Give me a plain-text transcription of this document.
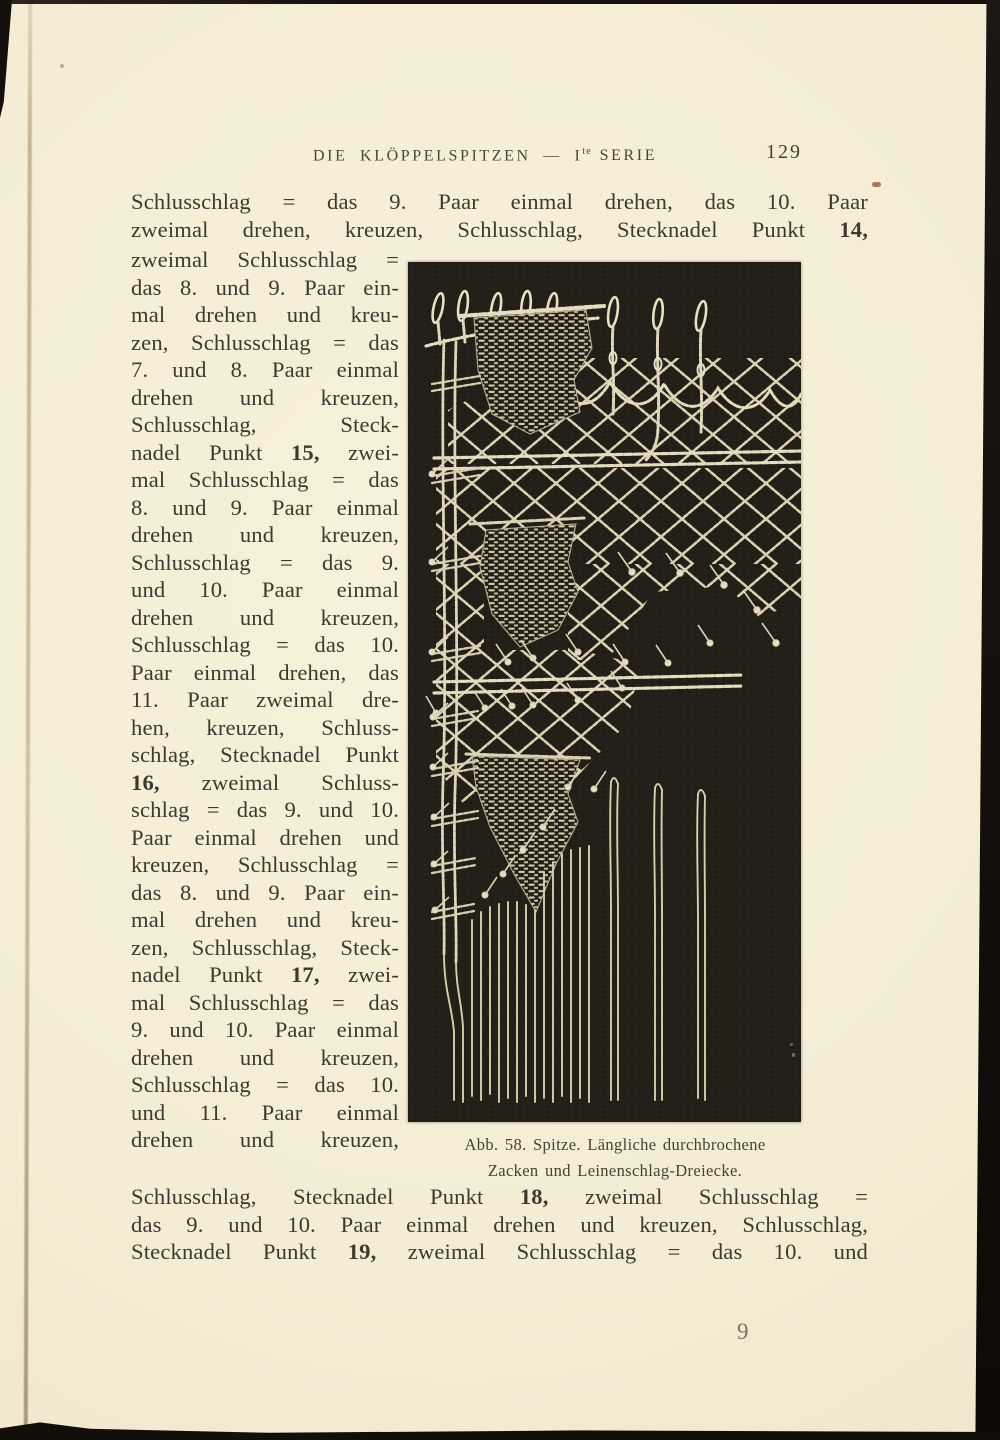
DIE KLÖPPELSPITZEN — $I^{te}$ SERIE	129
Schlusschlag = das 9. Paar einmal drehen, das 10. Paar
zweimal drehen, kreuzen, Schlusschlag, Stecknadel Punkt 14,
zweimal Schlusschlag =
das 8. und 9. Paar ein-
mal drehen und kreu-
zen, Schlusschlag = das
7. und 8. Paar einmal
drehen und kreuzen,
Schlusschlag, Steck-
nadel Punkt 15, zwei-
mal Schlusschlag = das
8. und 9. Paar einmal
drehen und kreuzen,
Schlusschlag = das 9.
und 10. Paar einmal
drehen und kreuzen,
Schlusschlag = das 10.
Paar einmal drehen, das
11. Paar zweimal dre-
hen, kreuzen, Schluss-
schlag, Stecknadel Punkt
16, zweimal Schluss-
schlag = das 9. und 10.
Paar einmal drehen und
kreuzen, Schlusschlag =
das 8. und 9. Paar ein-
mal drehen und kreu-
zen, Schlusschlag, Steck-
nadel Punkt 17, zwei-
mal Schlusschlag = das
9. und 10. Paar einmal
drehen und kreuzen,
Schlusschlag = das 10.
und 11. Paar einmal
drehen und kreuzen,	Abb. 58. Spitze. Längliche durchbrochene
Zacken und Leinenschlag-Dreiecke.
Schlusschlag, Stecknadel Punkt 18, zweimal Schlusschlag =
das 9. und 10. Paar einmal drehen und kreuzen, Schlusschlag,
Stecknadel Punkt 19, zweimal Schlusschlag = das 10. und
9
